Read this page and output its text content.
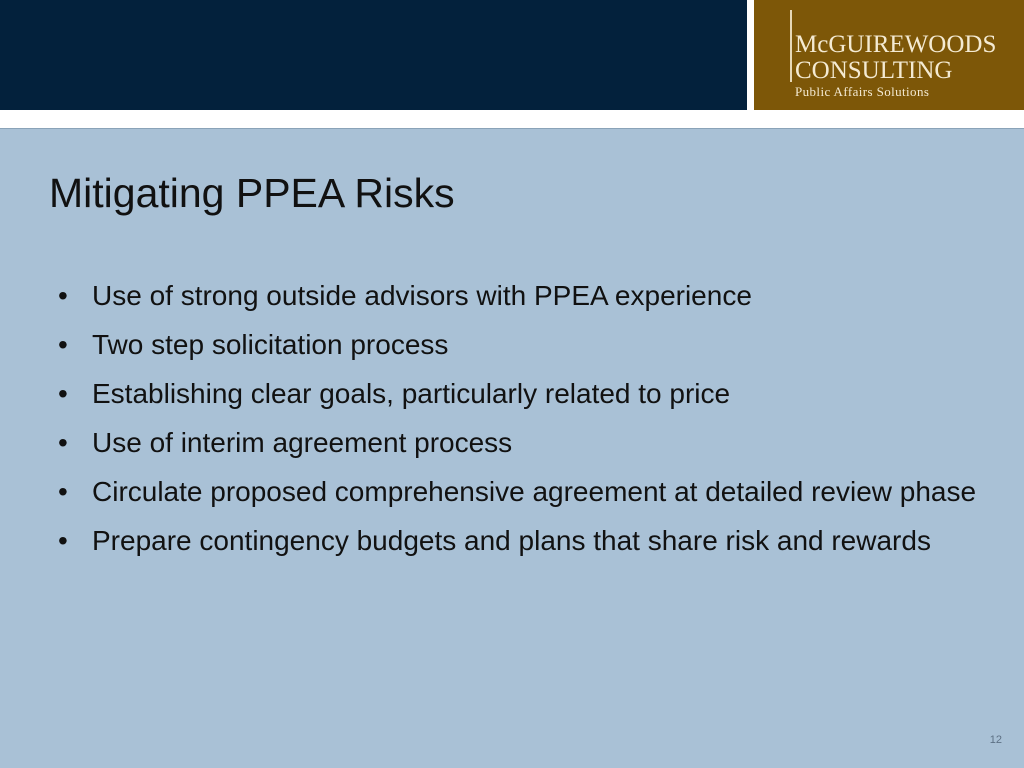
McGUIREWOODS
CONSULTING
Public Affairs Solutions
Mitigating PPEA Risks
• Use of strong outside advisors with PPEA experience
• Two step solicitation process
• Establishing clear goals, particularly related to price
• Use of interim agreement process
• Circulate proposed comprehensive agreement at detailed review phase
• Prepare contingency budgets and plans that share risk and rewards
12
